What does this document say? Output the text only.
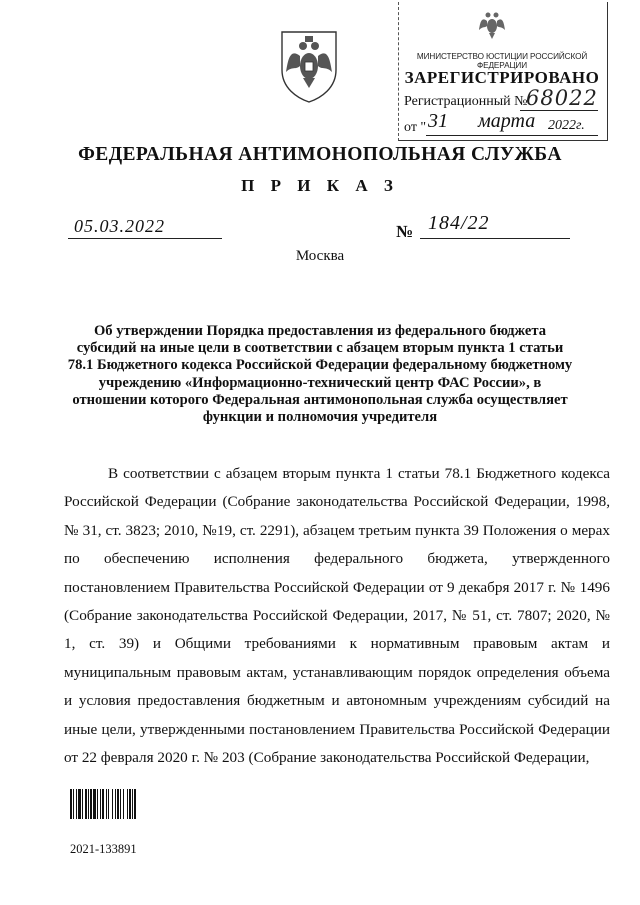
МИНИСТЕРСТВО ЮСТИЦИИ РОССИЙСКОЙ ФЕДЕРАЦИИ
ЗАРЕГИСТРИРОВАНО
Регистрационный №
68022
от " 31 марта 2022г.
ФЕДЕРАЛЬНАЯ АНТИМОНОПОЛЬНАЯ СЛУЖБА
П Р И К А З
05.03.2022	№ 184/22
Москва
Об утверждении Порядка предоставления из федерального бюджета субсидий на иные цели в соответствии с абзацем вторым пункта 1 статьи 78.1 Бюджетного кодекса Российской Федерации федеральному бюджетному учреждению «Информационно-технический центр ФАС России», в отношении которого Федеральная антимонопольная служба осуществляет функции и полномочия учредителя
В соответствии с абзацем вторым пункта 1 статьи 78.1 Бюджетного кодекса Российской Федерации (Собрание законодательства Российской Федерации, 1998, № 31, ст. 3823; 2010, №19, ст. 2291), абзацем третьим пункта 39 Положения о мерах по обеспечению исполнения федерального бюджета, утвержденного постановлением Правительства Российской Федерации от 9 декабря 2017 г. № 1496 (Собрание законодательства Российской Федерации, 2017, № 51, ст. 7807; 2020, № 1, ст. 39) и Общими требованиями к нормативным правовым актам и муниципальным правовым актам, устанавливающим порядок определения объема и условия предоставления бюджетным и автономным учреждениям субсидий на иные цели, утвержденными постановлением Правительства Российской Федерации от 22 февраля 2020 г. № 203 (Собрание законодательства Российской Федерации,
2021-133891
